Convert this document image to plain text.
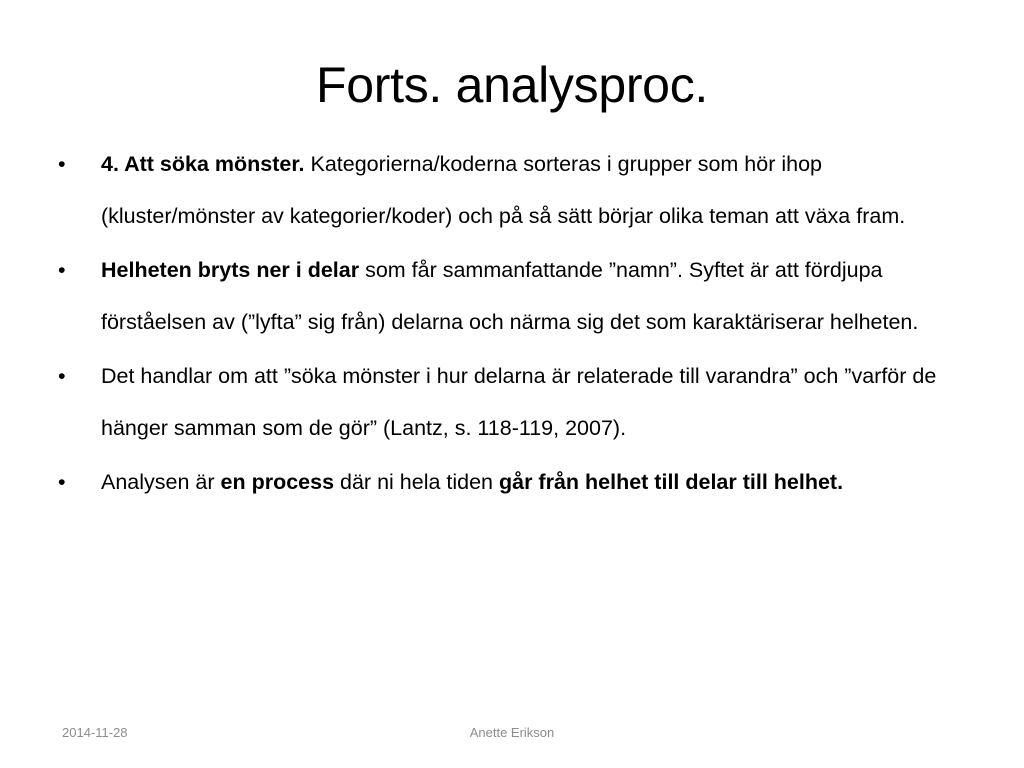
Forts. analysproc.
•	4. Att söka mönster. Kategorierna/koderna sorteras i grupper som hör ihop (kluster/mönster av kategorier/koder) och på så sätt börjar olika teman att växa fram.
•	Helheten bryts ner i delar som får sammanfattande ”namn”. Syftet är att fördjupa förståelsen av (”lyfta” sig från) delarna och närma sig det som karaktäriserar helheten.
•	Det handlar om att ”söka mönster i hur delarna är relaterade till varandra” och ”varför de hänger samman som de gör” (Lantz, s. 118-119, 2007).
•	Analysen är en process där ni hela tiden går från helhet till delar till helhet.
2014-11-28	Anette Erikson
